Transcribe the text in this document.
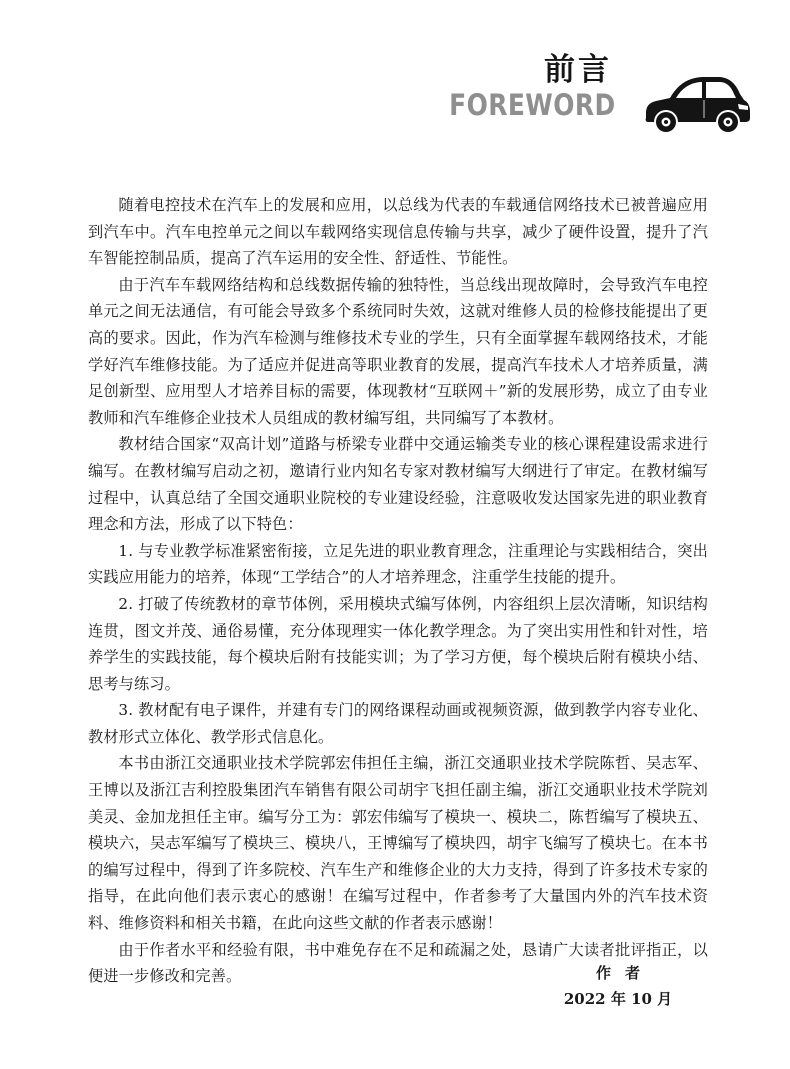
前言
FOREWORD

随着电控技术在汽车上的发展和应用，以总线为代表的车载通信网络技术已被普遍应用到汽车中。汽车电控单元之间以车载网络实现信息传输与共享，减少了硬件设置，提升了汽车智能控制品质，提高了汽车运用的安全性、舒适性、节能性。

由于汽车车载网络结构和总线数据传输的独特性，当总线出现故障时，会导致汽车电控单元之间无法通信，有可能会导致多个系统同时失效，这就对维修人员的检修技能提出了更高的要求。因此，作为汽车检测与维修技术专业的学生，只有全面掌握车载网络技术，才能学好汽车维修技能。为了适应并促进高等职业教育的发展，提高汽车技术人才培养质量，满足创新型、应用型人才培养目标的需要，体现教材“互联网＋”新的发展形势，成立了由专业教师和汽车维修企业技术人员组成的教材编写组，共同编写了本教材。

教材结合国家“双高计划”道路与桥梁专业群中交通运输类专业的核心课程建设需求进行编写。在教材编写启动之初，邀请行业内知名专家对教材编写大纲进行了审定。在教材编写过程中，认真总结了全国交通职业院校的专业建设经验，注意吸收发达国家先进的职业教育理念和方法，形成了以下特色：

1. 与专业教学标准紧密衔接，立足先进的职业教育理念，注重理论与实践相结合，突出实践应用能力的培养，体现“工学结合”的人才培养理念，注重学生技能的提升。

2. 打破了传统教材的章节体例，采用模块式编写体例，内容组织上层次清晰，知识结构连贯，图文并茂、通俗易懂，充分体现理实一体化教学理念。为了突出实用性和针对性，培养学生的实践技能，每个模块后附有技能实训；为了学习方便，每个模块后附有模块小结、思考与练习。

3. 教材配有电子课件，并建有专门的网络课程动画或视频资源，做到教学内容专业化、教材形式立体化、教学形式信息化。

本书由浙江交通职业技术学院郭宏伟担任主编，浙江交通职业技术学院陈哲、吴志军、王博以及浙江吉利控股集团汽车销售有限公司胡宇飞担任副主编，浙江交通职业技术学院刘美灵、金加龙担任主审。编写分工为：郭宏伟编写了模块一、模块二，陈哲编写了模块五、模块六，吴志军编写了模块三、模块八，王博编写了模块四，胡宇飞编写了模块七。在本书的编写过程中，得到了许多院校、汽车生产和维修企业的大力支持，得到了许多技术专家的指导，在此向他们表示衷心的感谢！在编写过程中，作者参考了大量国内外的汽车技术资料、维修资料和相关书籍，在此向这些文献的作者表示感谢！

由于作者水平和经验有限，书中难免存在不足和疏漏之处，恳请广大读者批评指正，以便进一步修改和完善。	作者
2022 年 10 月
